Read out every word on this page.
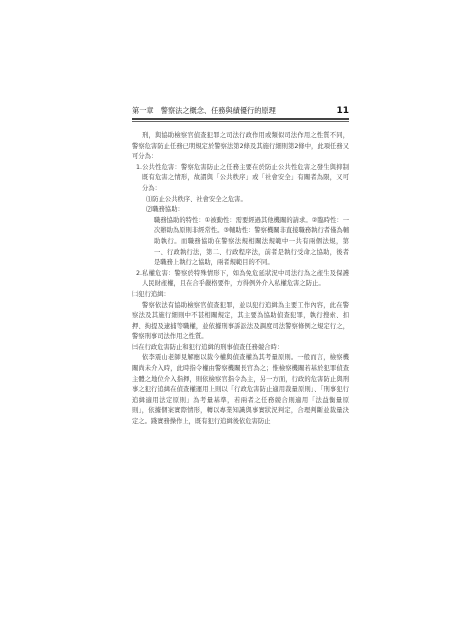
第一章　警察法之概念、任務與績優行的原理	11

刑，與協助檢察官偵查犯罪之司法行政作用或類似司法作用之性質不同，警察危害防止任務已明規定於警察法第2條及其施行細則第2條中，此項任務又可分為：

1.公共性危害：警察危害防止之任務主要在於防止公共性危害之發生與抑制既有危害之情形，故謂與「公共秩序」或「社會安全」有關者為限，又可分為：

⑴防止公共秩序、社會安全之危害。

⑵職務協助：

職務協助的特性：①被動性：需要經過其他機關的請求。②臨時性：一次辦助為原則非經常性。③輔助性：警察機關非直接職務執行者僅為輔助執行。而職務協助在警察法規相關法規範中一共有兩個法規，第一、行政執行法，第二、行政程序法，前者是執行受命之協助，後者是職務上執行之協助，兩者規範目的不同。

2.私權危害：警察於特殊情形下，如為免危延狀況中司法行為之產生及保護人民財產權，且在合乎嚴格要件，方得例外介入私權危害之防止。

㈡犯行追緝：

警察依法有協助檢察官偵查犯罪，並以犯行追緝為主要工作內容，此在警察法及其施行細則中不甚相關規定，其主要為協助偵查犯罪，執行搜索、扣押、拘提及逮捕等職權，並依據刑事訴訟法及調度司法警察條例之規定行之，警察刑事司法作用之性質。

㈢在行政危害防止和犯行追緝的刑事偵查任務競合時：

依李震山老師見解應以裁今權與偵查權為其考量原則。一般而言，檢察機關尚未介入時，此時指令權由警察機關長官為之；惟檢察機關若基於犯罪偵查主體之地位介入指揮，則依檢察官指令為主，另一方面，行政的危害防止與刑事之犯行追緝在偵查權運用上則以「行政危害防止適用裁量原則」、「刑事犯行追緝適用法定原則」為考量基準，若兩者之任務競合則適用「法益衡量原則」，依據個案實際情形，轉以專業知識與事實狀況判定，合理判斷並裁量決定之。踐實務操作上，既有犯行追緝後依危害防止
